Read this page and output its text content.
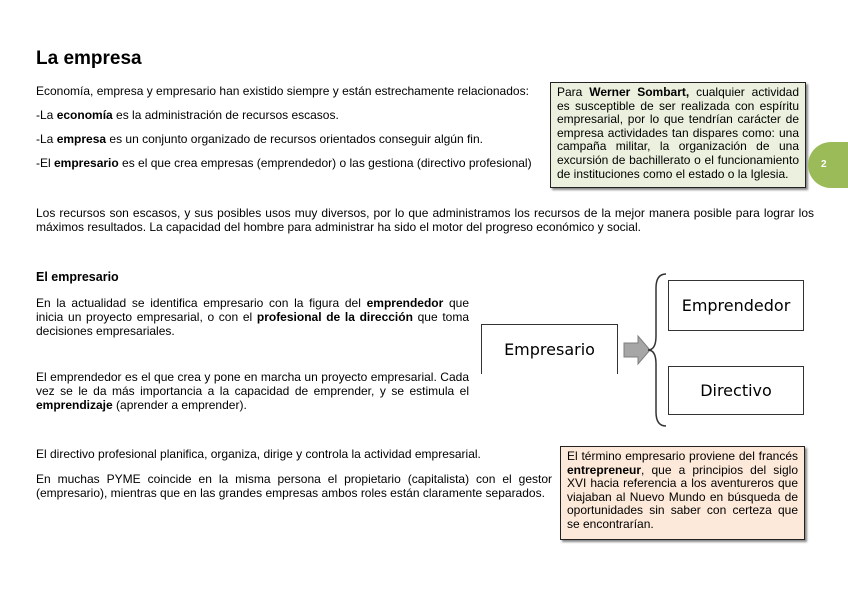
La empresa

Economía, empresa y empresario han existido siempre y están estrechamente relacionados:

-La economía es la administración de recursos escasos.

-La empresa es un conjunto organizado de recursos orientados conseguir algún fin.

-El empresario es el que crea empresas (emprendedor) o las gestiona (directivo profesional)

Para Werner Sombart, cualquier actividad es susceptible de ser realizada con espíritu empresarial, por lo que tendrían carácter de empresa actividades tan dispares como: una campaña militar, la organización de una excursión de bachillerato o el funcionamiento de instituciones como el estado o la Iglesia.
2

Los recursos son escasos, y sus posibles usos muy diversos, por lo que administramos los recursos de la mejor manera posible para lograr los máximos resultados. La capacidad del hombre para administrar ha sido el motor del progreso económico y social.

El empresario

En la actualidad se identifica empresario con la figura del emprendedor que inicia un proyecto empresarial, o con el profesional de la dirección que toma decisiones empresariales.

El emprendedor es el que crea y pone en marcha un proyecto empresarial. Cada vez se le da más importancia a la capacidad de emprender, y se estimula el emprendizaje (aprender a emprender).

El directivo profesional planifica, organiza, dirige y controla la actividad empresarial.

En muchas PYME coincide en la misma persona el propietario (capitalista) con el gestor (empresario), mientras que en las grandes empresas ambos roles están claramente separados.

Empresario
Emprendedor
Directivo
El término empresario proviene del francés entrepreneur, que a principios del siglo XVI hacia referencia a los aventureros que viajaban al Nuevo Mundo en búsqueda de oportunidades sin saber con certeza que se encontrarían.
